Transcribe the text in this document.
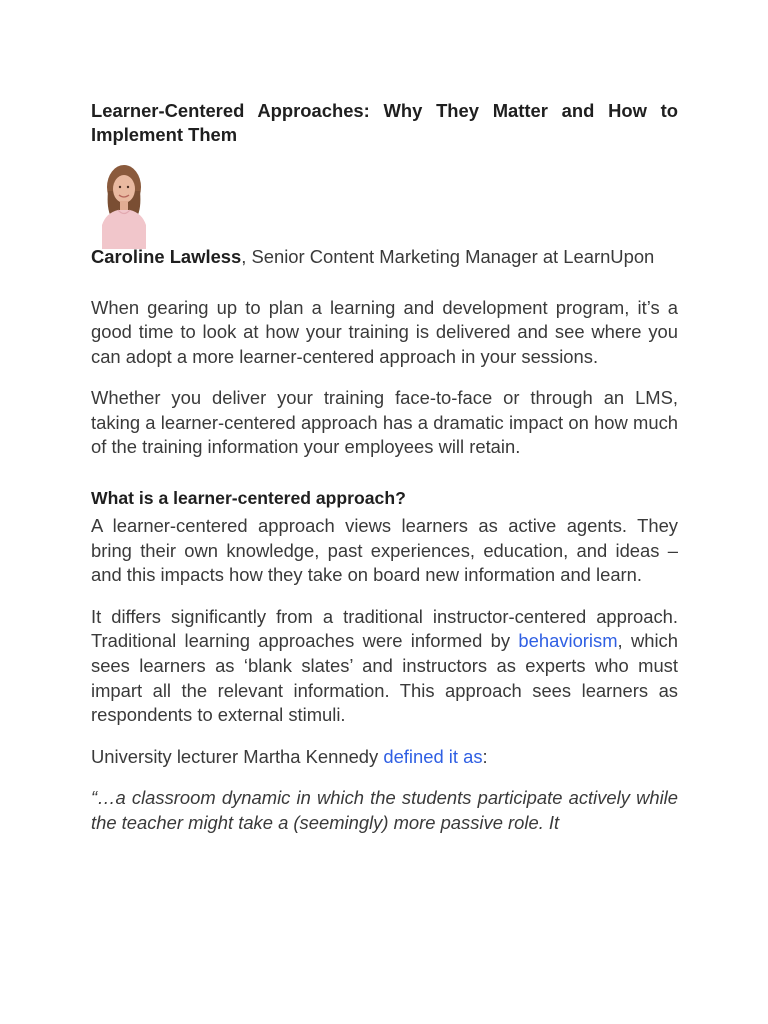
Learner-Centered Approaches: Why They Matter and How to Implement Them

Caroline Lawless, Senior Content Marketing Manager at LearnUpon

When gearing up to plan a learning and development program, it’s a good time to look at how your training is delivered and see where you can adopt a more learner-centered approach in your sessions.

Whether you deliver your training face-to-face or through an LMS, taking a learner-centered approach has a dramatic impact on how much of the training information your employees will retain.

What is a learner-centered approach?

A learner-centered approach views learners as active agents. They bring their own knowledge, past experiences, education, and ideas – and this impacts how they take on board new information and learn.

It differs significantly from a traditional instructor-centered approach. Traditional learning approaches were informed by behaviorism, which sees learners as ‘blank slates’ and instructors as experts who must impart all the relevant information. This approach sees learners as respondents to external stimuli.

University lecturer Martha Kennedy defined it as:

“…a classroom dynamic in which the students participate actively while the teacher might take a (seemingly) more passive role. It
